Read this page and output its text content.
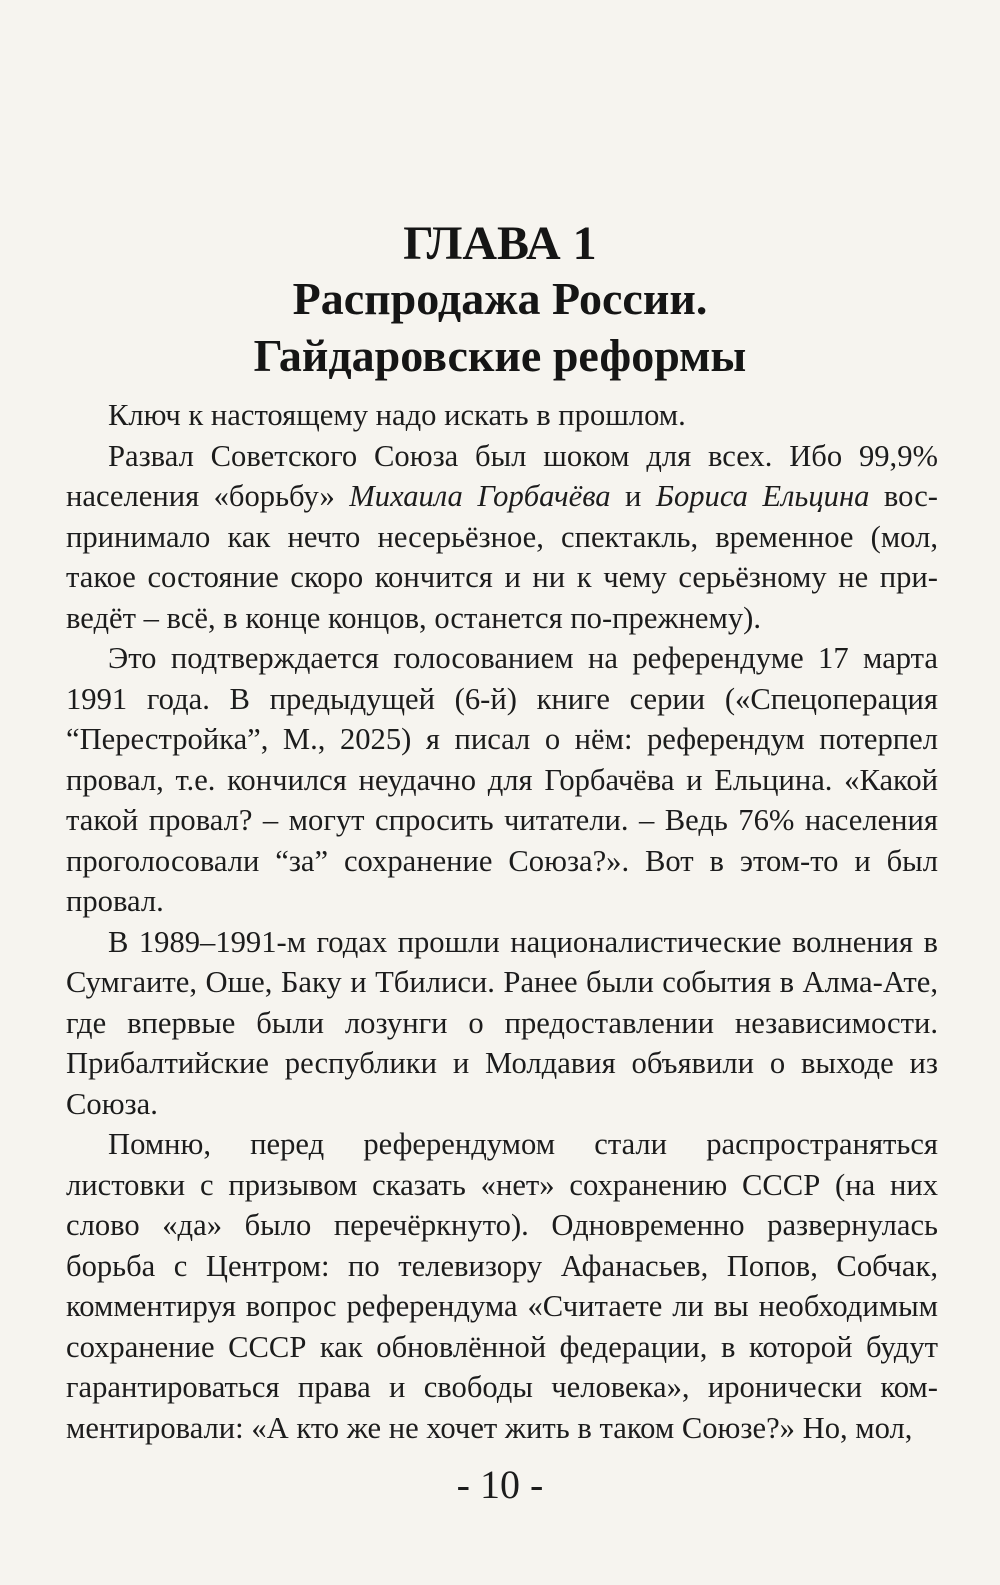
ГЛАВА 1
Распродажа России.
Гайдаровские реформы

Ключ к настоящему надо искать в прошлом.

Развал Советского Союза был шоком для всех. Ибо 99,9% населения «борьбу» Михаила Горбачёва и Бориса Ельцина воспринимало как нечто несерьёзное, спектакль, временное (мол, такое состояние скоро кончится и ни к чему серьёзному не приведёт – всё, в конце концов, останется по-прежнему).

Это подтверждается голосованием на референдуме 17 марта 1991 года. В предыдущей (6-й) книге серии («Спецоперация “Перестройка”, М., 2025) я писал о нём: референдум потерпел провал, т.е. кончился неудачно для Горбачёва и Ельцина. «Какой такой провал? – могут спросить читатели. – Ведь 76% населения проголосовали “за” сохранение Союза?». Вот в этом-то и был провал.

В 1989–1991-м годах прошли националистические волнения в Сумгаите, Оше, Баку и Тбилиси. Ранее были события в Алма-Ате, где впервые были лозунги о предоставлении независимости. Прибалтийские республики и Молдавия объявили о выходе из Союза.

Помню, перед референдумом стали распространяться листовки с призывом сказать «нет» сохранению СССР (на них слово «да» было перечёркнуто). Одновременно развернулась борьба с Центром: по телевизору Афанасьев, Попов, Собчак, комментируя вопрос референдума «Считаете ли вы необходимым сохранение СССР как обновлённой федерации, в которой будут гарантироваться права и свободы человека», иронически комментировали: «А кто же не хочет жить в таком Союзе?» Но, мол,

- 10 -
